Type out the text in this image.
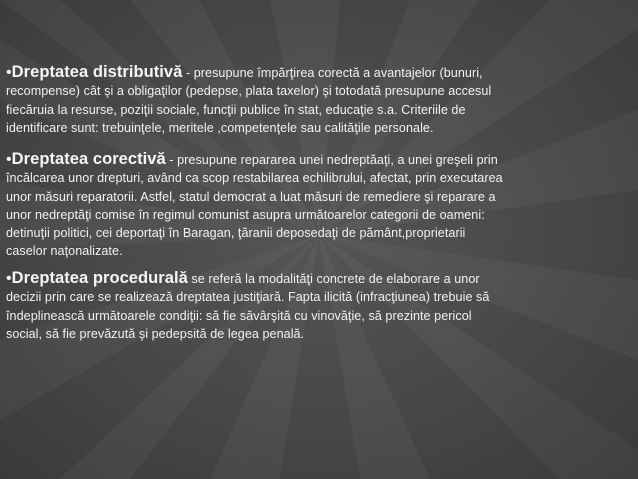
•Dreptatea distributivă - presupune împărţirea corectă a avantajelor (bunuri,
recompense) cât şi a obligaţilor (pedepse, plata taxelor) şi totodată presupune accesul
fiecăruia la resurse, poziţii sociale, funcţii publice în stat, educaţie s.a. Criteriile de
identificare sunt: trebuinţele, meritele ,competenţele sau calităţile personale.
•Dreptatea corectivă - presupune repararea unei nedreptăaţi, a unei greşeli prin
încălcarea unor drepturi, având ca scop restabilarea echilibrului, afectat, prin executarea
unor măsuri reparatorii. Astfel, statul democrat a luat măsuri de remediere şi reparare a
unor nedreptăţi comise în regimul comunist asupra următoarelor categorii de oameni:
detinuţii politici, cei deportaţi în Baragan, ţăranii deposedaţi de pământ,proprietarii
caselor naţonalizate.
•Dreptatea procedurală se referă la modalităţi concrete de elaborare a unor
decizii prin care se realizează dreptatea justiţiară. Fapta ilicită (infracţiunea) trebuie să
îndeplinească următoarele condiţii: să fie săvârşită cu vinovăţie, să prezinte pericol
social, să fie prevăzută şi pedepsită de legea penală.
